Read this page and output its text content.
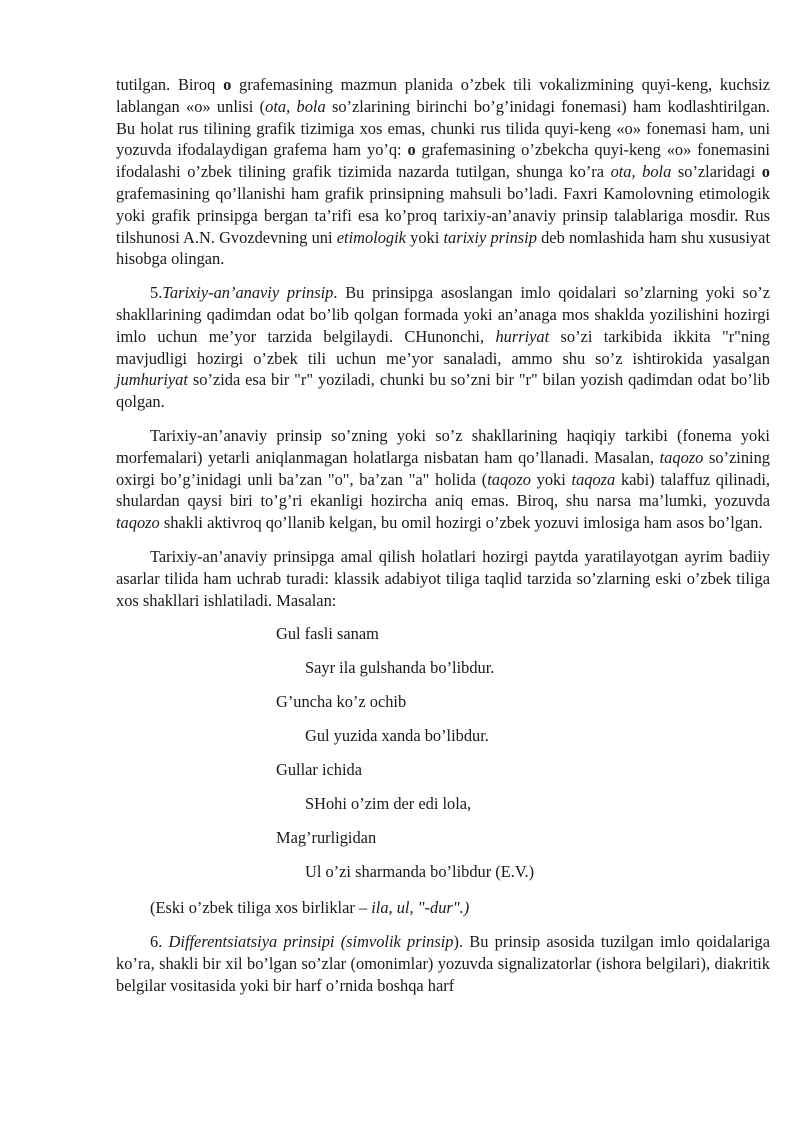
tutilgan. Biroq o grafemasining mazmun planida o’zbek tili vokalizmining quyi-keng, kuchsiz lablangan «o» unlisi (ota, bola so’zlarining birinchi bo’g’inidagi fonemasi) ham kodlashtirilgan. Bu holat rus tilining grafik tizimiga xos emas, chunki rus tilida quyi-keng «o» fonemasi ham, uni yozuvda ifodalaydigan grafema ham yo’q: o grafemasining o’zbekcha quyi-keng «o» fonemasini ifodalashi o’zbek tilining grafik tizimida nazarda tutilgan, shunga ko’ra ota, bola so’zlaridagi o grafemasining qo’llanishi ham grafik prinsipning mahsuli bo’ladi. Faxri Kamolovning etimologik yoki grafik prinsipga bergan ta’rifi esa ko’proq tarixiy-an’anaviy prinsip talablariga mosdir. Rus tilshunosi A.N. Gvozdevning uni etimologik yoki tarixiy prinsip deb nomlashida ham shu xususiyat hisobga olingan.

5.Tarixiy-an’anaviy prinsip. Bu prinsipga asoslangan imlo qoidalari so’zlarning yoki so’z shakllarining qadimdan odat bo’lib qolgan formada yoki an’anaga mos shaklda yozilishini hozirgi imlo uchun me’yor tarzida belgilaydi. CHunonchi, hurriyat so’zi tarkibida ikkita "r"ning mavjudligi hozirgi o’zbek tili uchun me’yor sanaladi, ammo shu so’z ishtirokida yasalgan jumhuriyat so’zida esa bir "r" yoziladi, chunki bu so’zni bir "r" bilan yozish qadimdan odat bo’lib qolgan.

Tarixiy-an’anaviy prinsip so’zning yoki so’z shakllarining haqiqiy tarkibi (fonema yoki morfemalari) yetarli aniqlanmagan holatlarga nisbatan ham qo’llanadi. Masalan, taqozo so’zining oxirgi bo’g’inidagi unli ba’zan "o", ba’zan "a" holida (taqozo yoki taqoza kabi) talaffuz qilinadi, shulardan qaysi biri to’g’ri ekanligi hozircha aniq emas. Biroq, shu narsa ma’lumki, yozuvda taqozo shakli aktivroq qo’llanib kelgan, bu omil hozirgi o’zbek yozuvi imlosiga ham asos bo’lgan.

Tarixiy-an’anaviy prinsipga amal qilish holatlari hozirgi paytda yaratilayotgan ayrim badiiy asarlar tilida ham uchrab turadi: klassik adabiyot tiliga taqlid tarzida so’zlarning eski o’zbek tiliga xos shakllari ishlatiladi. Masalan:

Gul fasli sanam
Sayr ila gulshanda bo’libdur.
G’uncha ko’z ochib
Gul yuzida xanda bo’libdur.
Gullar ichida
SHohi o’zim der edi lola,
Mag’rurligidan
Ul o’zi sharmanda bo’libdur (E.V.)

(Eski o’zbek tiliga xos birliklar – ila, ul, "-dur".)

6. Differentsiatsiya prinsipi (simvolik prinsip). Bu prinsip asosida tuzilgan imlo qoidalariga ko’ra, shakli bir xil bo’lgan so’zlar (omonimlar) yozuvda signalizatorlar (ishora belgilari), diakritik belgilar vositasida yoki bir harf o’rnida boshqa harf
